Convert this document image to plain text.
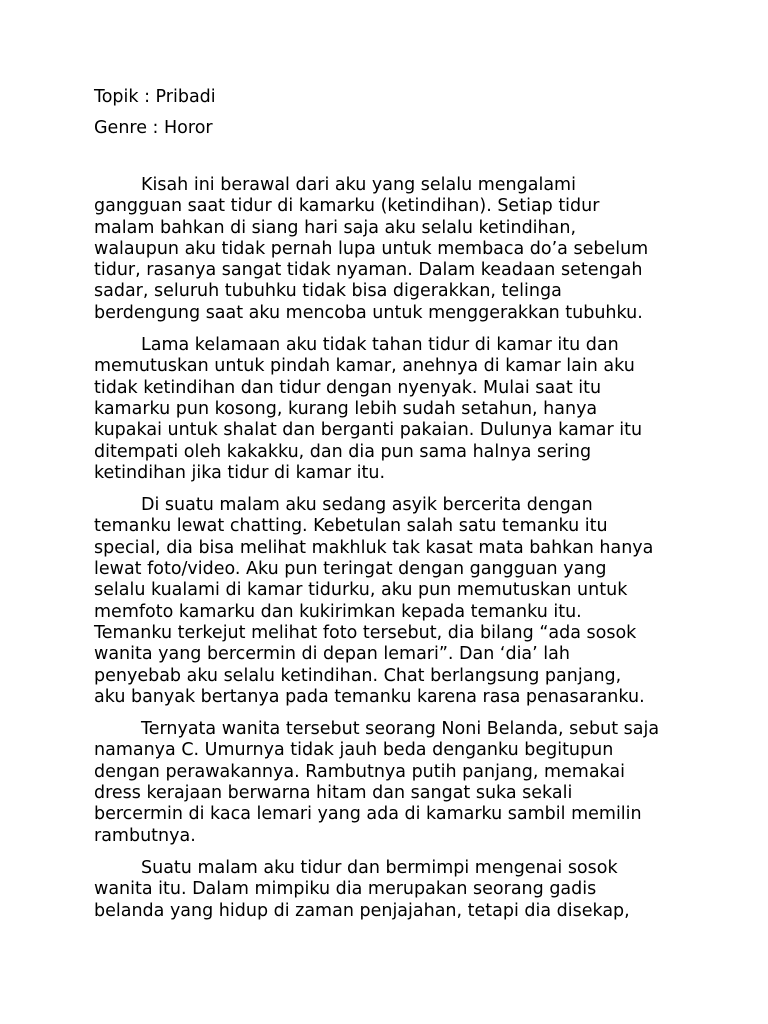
Topik : Pribadi

Genre : Horor

Kisah ini berawal dari aku yang selalu mengalami
gangguan saat tidur di kamarku (ketindihan). Setiap tidur
malam bahkan di siang hari saja aku selalu ketindihan,
walaupun aku tidak pernah lupa untuk membaca do’a sebelum
tidur, rasanya sangat tidak nyaman. Dalam keadaan setengah
sadar, seluruh tubuhku tidak bisa digerakkan, telinga
berdengung saat aku mencoba untuk menggerakkan tubuhku.

Lama kelamaan aku tidak tahan tidur di kamar itu dan
memutuskan untuk pindah kamar, anehnya di kamar lain aku
tidak ketindihan dan tidur dengan nyenyak. Mulai saat itu
kamarku pun kosong, kurang lebih sudah setahun, hanya
kupakai untuk shalat dan berganti pakaian. Dulunya kamar itu
ditempati oleh kakakku, dan dia pun sama halnya sering
ketindihan jika tidur di kamar itu.

Di suatu malam aku sedang asyik bercerita dengan
temanku lewat chatting. Kebetulan salah satu temanku itu
special, dia bisa melihat makhluk tak kasat mata bahkan hanya
lewat foto/video. Aku pun teringat dengan gangguan yang
selalu kualami di kamar tidurku, aku pun memutuskan untuk
memfoto kamarku dan kukirimkan kepada temanku itu.
Temanku terkejut melihat foto tersebut, dia bilang “ada sosok
wanita yang bercermin di depan lemari”. Dan ‘dia’ lah
penyebab aku selalu ketindihan. Chat berlangsung panjang,
aku banyak bertanya pada temanku karena rasa penasaranku.

Ternyata wanita tersebut seorang Noni Belanda, sebut saja
namanya C. Umurnya tidak jauh beda denganku begitupun
dengan perawakannya. Rambutnya putih panjang, memakai
dress kerajaan berwarna hitam dan sangat suka sekali
bercermin di kaca lemari yang ada di kamarku sambil memilin
rambutnya.

Suatu malam aku tidur dan bermimpi mengenai sosok
wanita itu. Dalam mimpiku dia merupakan seorang gadis
belanda yang hidup di zaman penjajahan, tetapi dia disekap,
